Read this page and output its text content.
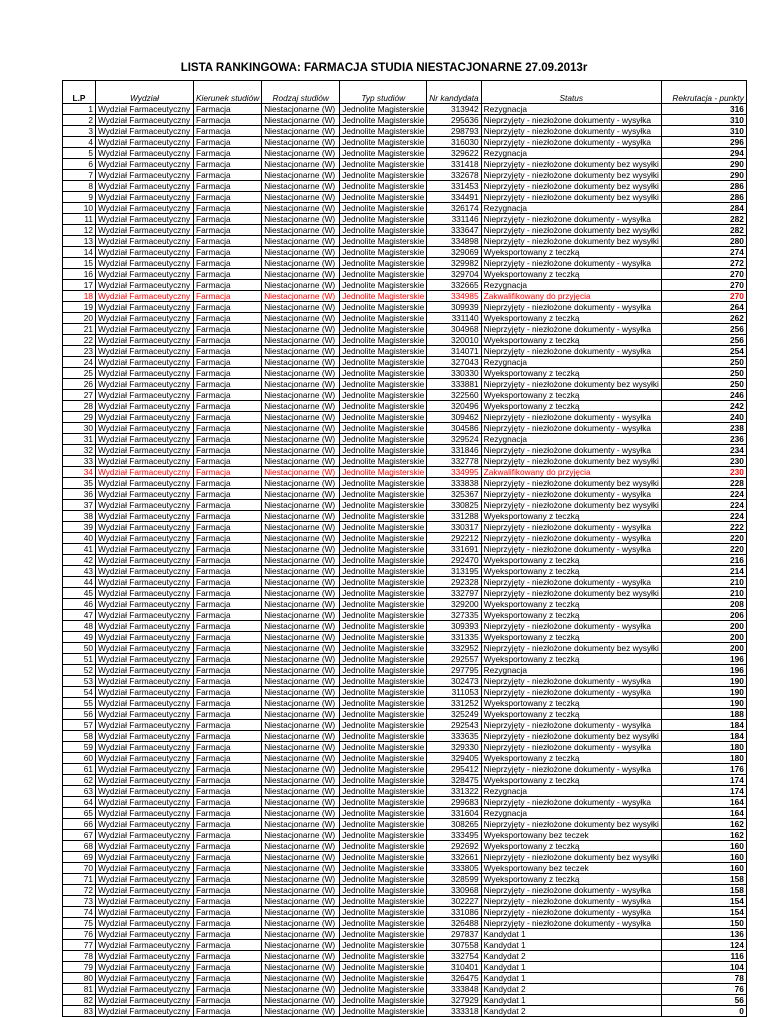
LISTA RANKINGOWA: FARMACJA STUDIA NIESTACJONARNE 27.09.2013r
L.P	Wydział	Kierunek studiów	Rodzaj studiów	Typ studiów	Nr kandydata	Status	Rekrutacja - punkty
1	Wydział Farmaceutyczny	Farmacja	Niestacjonarne (W)	Jednolite Magisterskie	313942	Rezygnacja	316
2	Wydział Farmaceutyczny	Farmacja	Niestacjonarne (W)	Jednolite Magisterskie	295636	Nieprzyjęty - niezłożone dokumenty - wysyłka	310
3	Wydział Farmaceutyczny	Farmacja	Niestacjonarne (W)	Jednolite Magisterskie	298793	Nieprzyjęty - niezłożone dokumenty - wysyłka	310
4	Wydział Farmaceutyczny	Farmacja	Niestacjonarne (W)	Jednolite Magisterskie	316030	Nieprzyjęty - niezłożone dokumenty - wysyłka	296
5	Wydział Farmaceutyczny	Farmacja	Niestacjonarne (W)	Jednolite Magisterskie	329622	Rezygnacja	294
6	Wydział Farmaceutyczny	Farmacja	Niestacjonarne (W)	Jednolite Magisterskie	331418	Nieprzyjęty - niezłożone dokumenty bez wysyłki	290
7	Wydział Farmaceutyczny	Farmacja	Niestacjonarne (W)	Jednolite Magisterskie	332678	Nieprzyjęty - niezłożone dokumenty bez wysyłki	290
8	Wydział Farmaceutyczny	Farmacja	Niestacjonarne (W)	Jednolite Magisterskie	331453	Nieprzyjęty - niezłożone dokumenty bez wysyłki	286
9	Wydział Farmaceutyczny	Farmacja	Niestacjonarne (W)	Jednolite Magisterskie	334491	Nieprzyjęty - niezłożone dokumenty bez wysyłki	286
10	Wydział Farmaceutyczny	Farmacja	Niestacjonarne (W)	Jednolite Magisterskie	326174	Rezygnacja	284
11	Wydział Farmaceutyczny	Farmacja	Niestacjonarne (W)	Jednolite Magisterskie	331146	Nieprzyjęty - niezłożone dokumenty - wysyłka	282
12	Wydział Farmaceutyczny	Farmacja	Niestacjonarne (W)	Jednolite Magisterskie	333647	Nieprzyjęty - niezłożone dokumenty bez wysyłki	282
13	Wydział Farmaceutyczny	Farmacja	Niestacjonarne (W)	Jednolite Magisterskie	334898	Nieprzyjęty - niezłożone dokumenty bez wysyłki	280
14	Wydział Farmaceutyczny	Farmacja	Niestacjonarne (W)	Jednolite Magisterskie	329069	Wyeksportowany z teczką	274
15	Wydział Farmaceutyczny	Farmacja	Niestacjonarne (W)	Jednolite Magisterskie	329982	Nieprzyjęty - niezłożone dokumenty - wysyłka	272
16	Wydział Farmaceutyczny	Farmacja	Niestacjonarne (W)	Jednolite Magisterskie	329704	Wyeksportowany z teczką	270
17	Wydział Farmaceutyczny	Farmacja	Niestacjonarne (W)	Jednolite Magisterskie	332665	Rezygnacja	270
18	Wydział Farmaceutyczny	Farmacja	Niestacjonarne (W)	Jednolite Magisterskie	334985	Zakwalifikowany do przyjęcia	270
19	Wydział Farmaceutyczny	Farmacja	Niestacjonarne (W)	Jednolite Magisterskie	309939	Nieprzyjęty - niezłożone dokumenty - wysyłka	264
20	Wydział Farmaceutyczny	Farmacja	Niestacjonarne (W)	Jednolite Magisterskie	331140	Wyeksportowany z teczką	262
21	Wydział Farmaceutyczny	Farmacja	Niestacjonarne (W)	Jednolite Magisterskie	304968	Nieprzyjęty - niezłożone dokumenty - wysyłka	256
22	Wydział Farmaceutyczny	Farmacja	Niestacjonarne (W)	Jednolite Magisterskie	320010	Wyeksportowany z teczką	256
23	Wydział Farmaceutyczny	Farmacja	Niestacjonarne (W)	Jednolite Magisterskie	314071	Nieprzyjęty - niezłożone dokumenty - wysyłka	254
24	Wydział Farmaceutyczny	Farmacja	Niestacjonarne (W)	Jednolite Magisterskie	327043	Rezygnacja	250
25	Wydział Farmaceutyczny	Farmacja	Niestacjonarne (W)	Jednolite Magisterskie	330330	Wyeksportowany z teczką	250
26	Wydział Farmaceutyczny	Farmacja	Niestacjonarne (W)	Jednolite Magisterskie	333881	Nieprzyjęty - niezłożone dokumenty bez wysyłki	250
27	Wydział Farmaceutyczny	Farmacja	Niestacjonarne (W)	Jednolite Magisterskie	322560	Wyeksportowany z teczką	246
28	Wydział Farmaceutyczny	Farmacja	Niestacjonarne (W)	Jednolite Magisterskie	320496	Wyeksportowany z teczką	242
29	Wydział Farmaceutyczny	Farmacja	Niestacjonarne (W)	Jednolite Magisterskie	309462	Nieprzyjęty - niezłożone dokumenty - wysyłka	240
30	Wydział Farmaceutyczny	Farmacja	Niestacjonarne (W)	Jednolite Magisterskie	304586	Nieprzyjęty - niezłożone dokumenty - wysyłka	238
31	Wydział Farmaceutyczny	Farmacja	Niestacjonarne (W)	Jednolite Magisterskie	329524	Rezygnacja	236
32	Wydział Farmaceutyczny	Farmacja	Niestacjonarne (W)	Jednolite Magisterskie	331846	Nieprzyjęty - niezłożone dokumenty - wysyłka	234
33	Wydział Farmaceutyczny	Farmacja	Niestacjonarne (W)	Jednolite Magisterskie	332778	Nieprzyjęty - niezłożone dokumenty bez wysyłki	230
34	Wydział Farmaceutyczny	Farmacja	Niestacjonarne (W)	Jednolite Magisterskie	334995	Zakwalifikowany do przyjęcia	230
35	Wydział Farmaceutyczny	Farmacja	Niestacjonarne (W)	Jednolite Magisterskie	333838	Nieprzyjęty - niezłożone dokumenty bez wysyłki	228
36	Wydział Farmaceutyczny	Farmacja	Niestacjonarne (W)	Jednolite Magisterskie	325367	Nieprzyjęty - niezłożone dokumenty - wysyłka	224
37	Wydział Farmaceutyczny	Farmacja	Niestacjonarne (W)	Jednolite Magisterskie	330825	Nieprzyjęty - niezłożone dokumenty bez wysyłki	224
38	Wydział Farmaceutyczny	Farmacja	Niestacjonarne (W)	Jednolite Magisterskie	331288	Wyeksportowany z teczką	224
39	Wydział Farmaceutyczny	Farmacja	Niestacjonarne (W)	Jednolite Magisterskie	330317	Nieprzyjęty - niezłożone dokumenty - wysyłka	222
40	Wydział Farmaceutyczny	Farmacja	Niestacjonarne (W)	Jednolite Magisterskie	292212	Nieprzyjęty - niezłożone dokumenty - wysyłka	220
41	Wydział Farmaceutyczny	Farmacja	Niestacjonarne (W)	Jednolite Magisterskie	331691	Nieprzyjęty - niezłożone dokumenty - wysyłka	220
42	Wydział Farmaceutyczny	Farmacja	Niestacjonarne (W)	Jednolite Magisterskie	292470	Wyeksportowany z teczką	216
43	Wydział Farmaceutyczny	Farmacja	Niestacjonarne (W)	Jednolite Magisterskie	313195	Wyeksportowany z teczką	214
44	Wydział Farmaceutyczny	Farmacja	Niestacjonarne (W)	Jednolite Magisterskie	292328	Nieprzyjęty - niezłożone dokumenty - wysyłka	210
45	Wydział Farmaceutyczny	Farmacja	Niestacjonarne (W)	Jednolite Magisterskie	332797	Nieprzyjęty - niezłożone dokumenty bez wysyłki	210
46	Wydział Farmaceutyczny	Farmacja	Niestacjonarne (W)	Jednolite Magisterskie	329200	Wyeksportowany z teczką	208
47	Wydział Farmaceutyczny	Farmacja	Niestacjonarne (W)	Jednolite Magisterskie	327335	Wyeksportowany z teczką	206
48	Wydział Farmaceutyczny	Farmacja	Niestacjonarne (W)	Jednolite Magisterskie	309393	Nieprzyjęty - niezłożone dokumenty - wysyłka	200
49	Wydział Farmaceutyczny	Farmacja	Niestacjonarne (W)	Jednolite Magisterskie	331335	Wyeksportowany z teczką	200
50	Wydział Farmaceutyczny	Farmacja	Niestacjonarne (W)	Jednolite Magisterskie	332952	Nieprzyjęty - niezłożone dokumenty bez wysyłki	200
51	Wydział Farmaceutyczny	Farmacja	Niestacjonarne (W)	Jednolite Magisterskie	292557	Wyeksportowany z teczką	196
52	Wydział Farmaceutyczny	Farmacja	Niestacjonarne (W)	Jednolite Magisterskie	297795	Rezygnacja	196
53	Wydział Farmaceutyczny	Farmacja	Niestacjonarne (W)	Jednolite Magisterskie	302473	Nieprzyjęty - niezłożone dokumenty - wysyłka	190
54	Wydział Farmaceutyczny	Farmacja	Niestacjonarne (W)	Jednolite Magisterskie	311053	Nieprzyjęty - niezłożone dokumenty - wysyłka	190
55	Wydział Farmaceutyczny	Farmacja	Niestacjonarne (W)	Jednolite Magisterskie	331252	Wyeksportowany z teczką	190
56	Wydział Farmaceutyczny	Farmacja	Niestacjonarne (W)	Jednolite Magisterskie	325249	Wyeksportowany z teczką	188
57	Wydział Farmaceutyczny	Farmacja	Niestacjonarne (W)	Jednolite Magisterskie	292543	Nieprzyjęty - niezłożone dokumenty - wysyłka	184
58	Wydział Farmaceutyczny	Farmacja	Niestacjonarne (W)	Jednolite Magisterskie	333635	Nieprzyjęty - niezłożone dokumenty bez wysyłki	184
59	Wydział Farmaceutyczny	Farmacja	Niestacjonarne (W)	Jednolite Magisterskie	329330	Nieprzyjęty - niezłożone dokumenty - wysyłka	180
60	Wydział Farmaceutyczny	Farmacja	Niestacjonarne (W)	Jednolite Magisterskie	329405	Wyeksportowany z teczką	180
61	Wydział Farmaceutyczny	Farmacja	Niestacjonarne (W)	Jednolite Magisterskie	295412	Nieprzyjęty - niezłożone dokumenty - wysyłka	176
62	Wydział Farmaceutyczny	Farmacja	Niestacjonarne (W)	Jednolite Magisterskie	328475	Wyeksportowany z teczką	174
63	Wydział Farmaceutyczny	Farmacja	Niestacjonarne (W)	Jednolite Magisterskie	331322	Rezygnacja	174
64	Wydział Farmaceutyczny	Farmacja	Niestacjonarne (W)	Jednolite Magisterskie	299683	Nieprzyjęty - niezłożone dokumenty - wysyłka	164
65	Wydział Farmaceutyczny	Farmacja	Niestacjonarne (W)	Jednolite Magisterskie	331604	Rezygnacja	164
66	Wydział Farmaceutyczny	Farmacja	Niestacjonarne (W)	Jednolite Magisterskie	308265	Nieprzyjęty - niezłożone dokumenty bez wysyłki	162
67	Wydział Farmaceutyczny	Farmacja	Niestacjonarne (W)	Jednolite Magisterskie	333495	Wyeksportowany bez teczek	162
68	Wydział Farmaceutyczny	Farmacja	Niestacjonarne (W)	Jednolite Magisterskie	292692	Wyeksportowany z teczką	160
69	Wydział Farmaceutyczny	Farmacja	Niestacjonarne (W)	Jednolite Magisterskie	332661	Nieprzyjęty - niezłożone dokumenty bez wysyłki	160
70	Wydział Farmaceutyczny	Farmacja	Niestacjonarne (W)	Jednolite Magisterskie	333805	Wyeksportowany bez teczek	160
71	Wydział Farmaceutyczny	Farmacja	Niestacjonarne (W)	Jednolite Magisterskie	328599	Wyeksportowany z teczką	158
72	Wydział Farmaceutyczny	Farmacja	Niestacjonarne (W)	Jednolite Magisterskie	330968	Nieprzyjęty - niezłożone dokumenty - wysyłka	158
73	Wydział Farmaceutyczny	Farmacja	Niestacjonarne (W)	Jednolite Magisterskie	302227	Nieprzyjęty - niezłożone dokumenty - wysyłka	154
74	Wydział Farmaceutyczny	Farmacja	Niestacjonarne (W)	Jednolite Magisterskie	331086	Nieprzyjęty - niezłożone dokumenty - wysyłka	154
75	Wydział Farmaceutyczny	Farmacja	Niestacjonarne (W)	Jednolite Magisterskie	326488	Nieprzyjęty - niezłożone dokumenty - wysyłka	150
76	Wydział Farmaceutyczny	Farmacja	Niestacjonarne (W)	Jednolite Magisterskie	297837	Kandydat 1	136
77	Wydział Farmaceutyczny	Farmacja	Niestacjonarne (W)	Jednolite Magisterskie	307558	Kandydat 1	124
78	Wydział Farmaceutyczny	Farmacja	Niestacjonarne (W)	Jednolite Magisterskie	332754	Kandydat 2	116
79	Wydział Farmaceutyczny	Farmacja	Niestacjonarne (W)	Jednolite Magisterskie	310401	Kandydat 1	104
80	Wydział Farmaceutyczny	Farmacja	Niestacjonarne (W)	Jednolite Magisterskie	326475	Kandydat 1	78
81	Wydział Farmaceutyczny	Farmacja	Niestacjonarne (W)	Jednolite Magisterskie	333848	Kandydat 2	76
82	Wydział Farmaceutyczny	Farmacja	Niestacjonarne (W)	Jednolite Magisterskie	327929	Kandydat 1	56
83	Wydział Farmaceutyczny	Farmacja	Niestacjonarne (W)	Jednolite Magisterskie	333318	Kandydat 2	0
